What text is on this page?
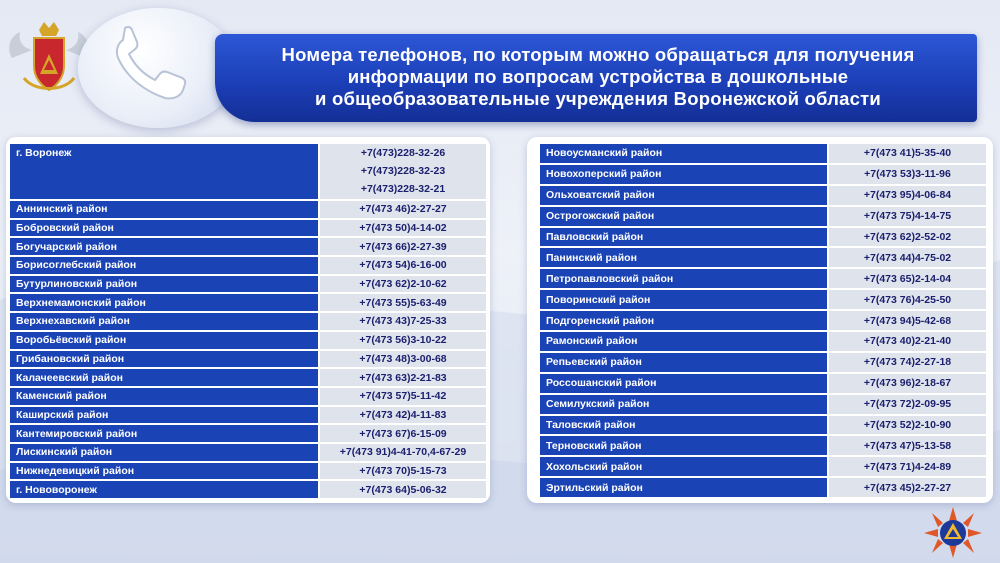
Номера телефонов, по которым можно обращаться для получения
информации по вопросам устройства в дошкольные
и общеобразовательные учреждения Воронежской области
г. Воронеж	+7(473)228-32-26
+7(473)228-32-23
+7(473)228-32-21

Аннинский район	+7(473 46)2-27-27
Бобровский район	+7(473 50)4-14-02
Богучарский район	+7(473 66)2-27-39
Борисоглебский район	+7(473 54)6-16-00
Бутурлиновский район	+7(473 62)2-10-62
Верхнемамонский район	+7(473 55)5-63-49
Верхнехавский район	+7(473 43)7-25-33
Воробьёвский район	+7(473 56)3-10-22
Грибановский район	+7(473 48)3-00-68
Калачеевский район	+7(473 63)2-21-83
Каменский район	+7(473 57)5-11-42
Каширский район	+7(473 42)4-11-83
Кантемировский район	+7(473 67)6-15-09
Лискинский район	+7(473 91)4-41-70,4-67-29
Нижнедевицкий район	+7(473 70)5-15-73
г. Нововоронеж	+7(473 64)5-06-32
Новоусманский район	+7(473 41)5-35-40
Новохоперский район	+7(473 53)3-11-96
Ольховатский район	+7(473 95)4-06-84
Острогожский район	+7(473 75)4-14-75
Павловский район	+7(473 62)2-52-02
Панинский район	+7(473 44)4-75-02
Петропавловский район	+7(473 65)2-14-04
Поворинский район	+7(473 76)4-25-50
Подгоренский район	+7(473 94)5-42-68
Рамонский район	+7(473 40)2-21-40
Репьевский район	+7(473 74)2-27-18
Россошанский район	+7(473 96)2-18-67
Семилукский район	+7(473 72)2-09-95
Таловский район	+7(473 52)2-10-90
Терновский район	+7(473 47)5-13-58
Хохольский район	+7(473 71)4-24-89
Эртильский район	+7(473 45)2-27-27
